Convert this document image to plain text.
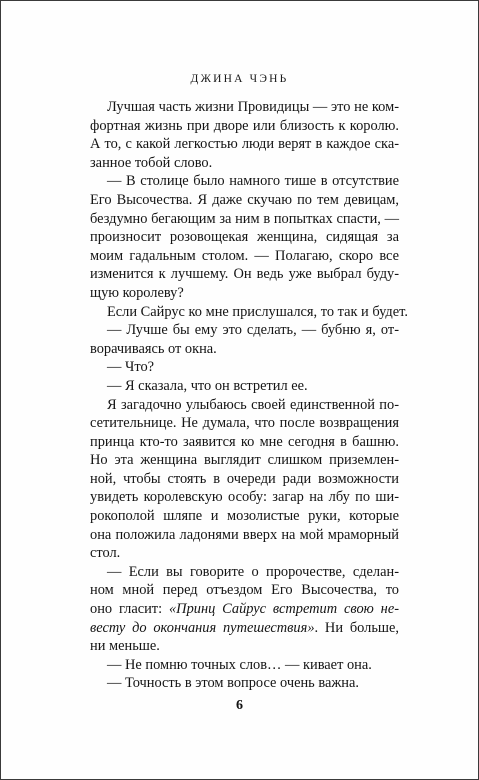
ДЖИНА ЧЭНЬ
Лучшая часть жизни Провидицы — это не ком-
фортная жизнь при дворе или близость к королю.
А то, с какой легкостью люди верят в каждое ска-
занное тобой слово.
— В столице было намного тише в отсутствие
Его Высочества. Я даже скучаю по тем девицам,
бездумно бегающим за ним в попытках спасти, —
произносит розовощекая женщина, сидящая за
моим гадальным столом. — Полагаю, скоро все
изменится к лучшему. Он ведь уже выбрал буду-
щую королеву?
Если Сайрус ко мне прислушался, то так и будет.
— Лучше бы ему это сделать, — бубню я, от-
ворачиваясь от окна.
— Что?
— Я сказала, что он встретил ее.
Я загадочно улыбаюсь своей единственной по-
сетительнице. Не думала, что после возвращения
принца кто-то заявится ко мне сегодня в башню.
Но эта женщина выглядит слишком приземлен-
ной, чтобы стоять в очереди ради возможности
увидеть королевскую особу: загар на лбу по ши-
рокополой шляпе и мозолистые руки, которые
она положила ладонями вверх на мой мраморный
стол.
— Если вы говорите о пророчестве, сделан-
ном мной перед отъездом Его Высочества, то
оно гласит: «Принц Сайрус встретит свою не-
весту до окончания путешествия». Ни больше,
ни меньше.
— Не помню точных слов… — кивает она.
— Точность в этом вопросе очень важна.
6
